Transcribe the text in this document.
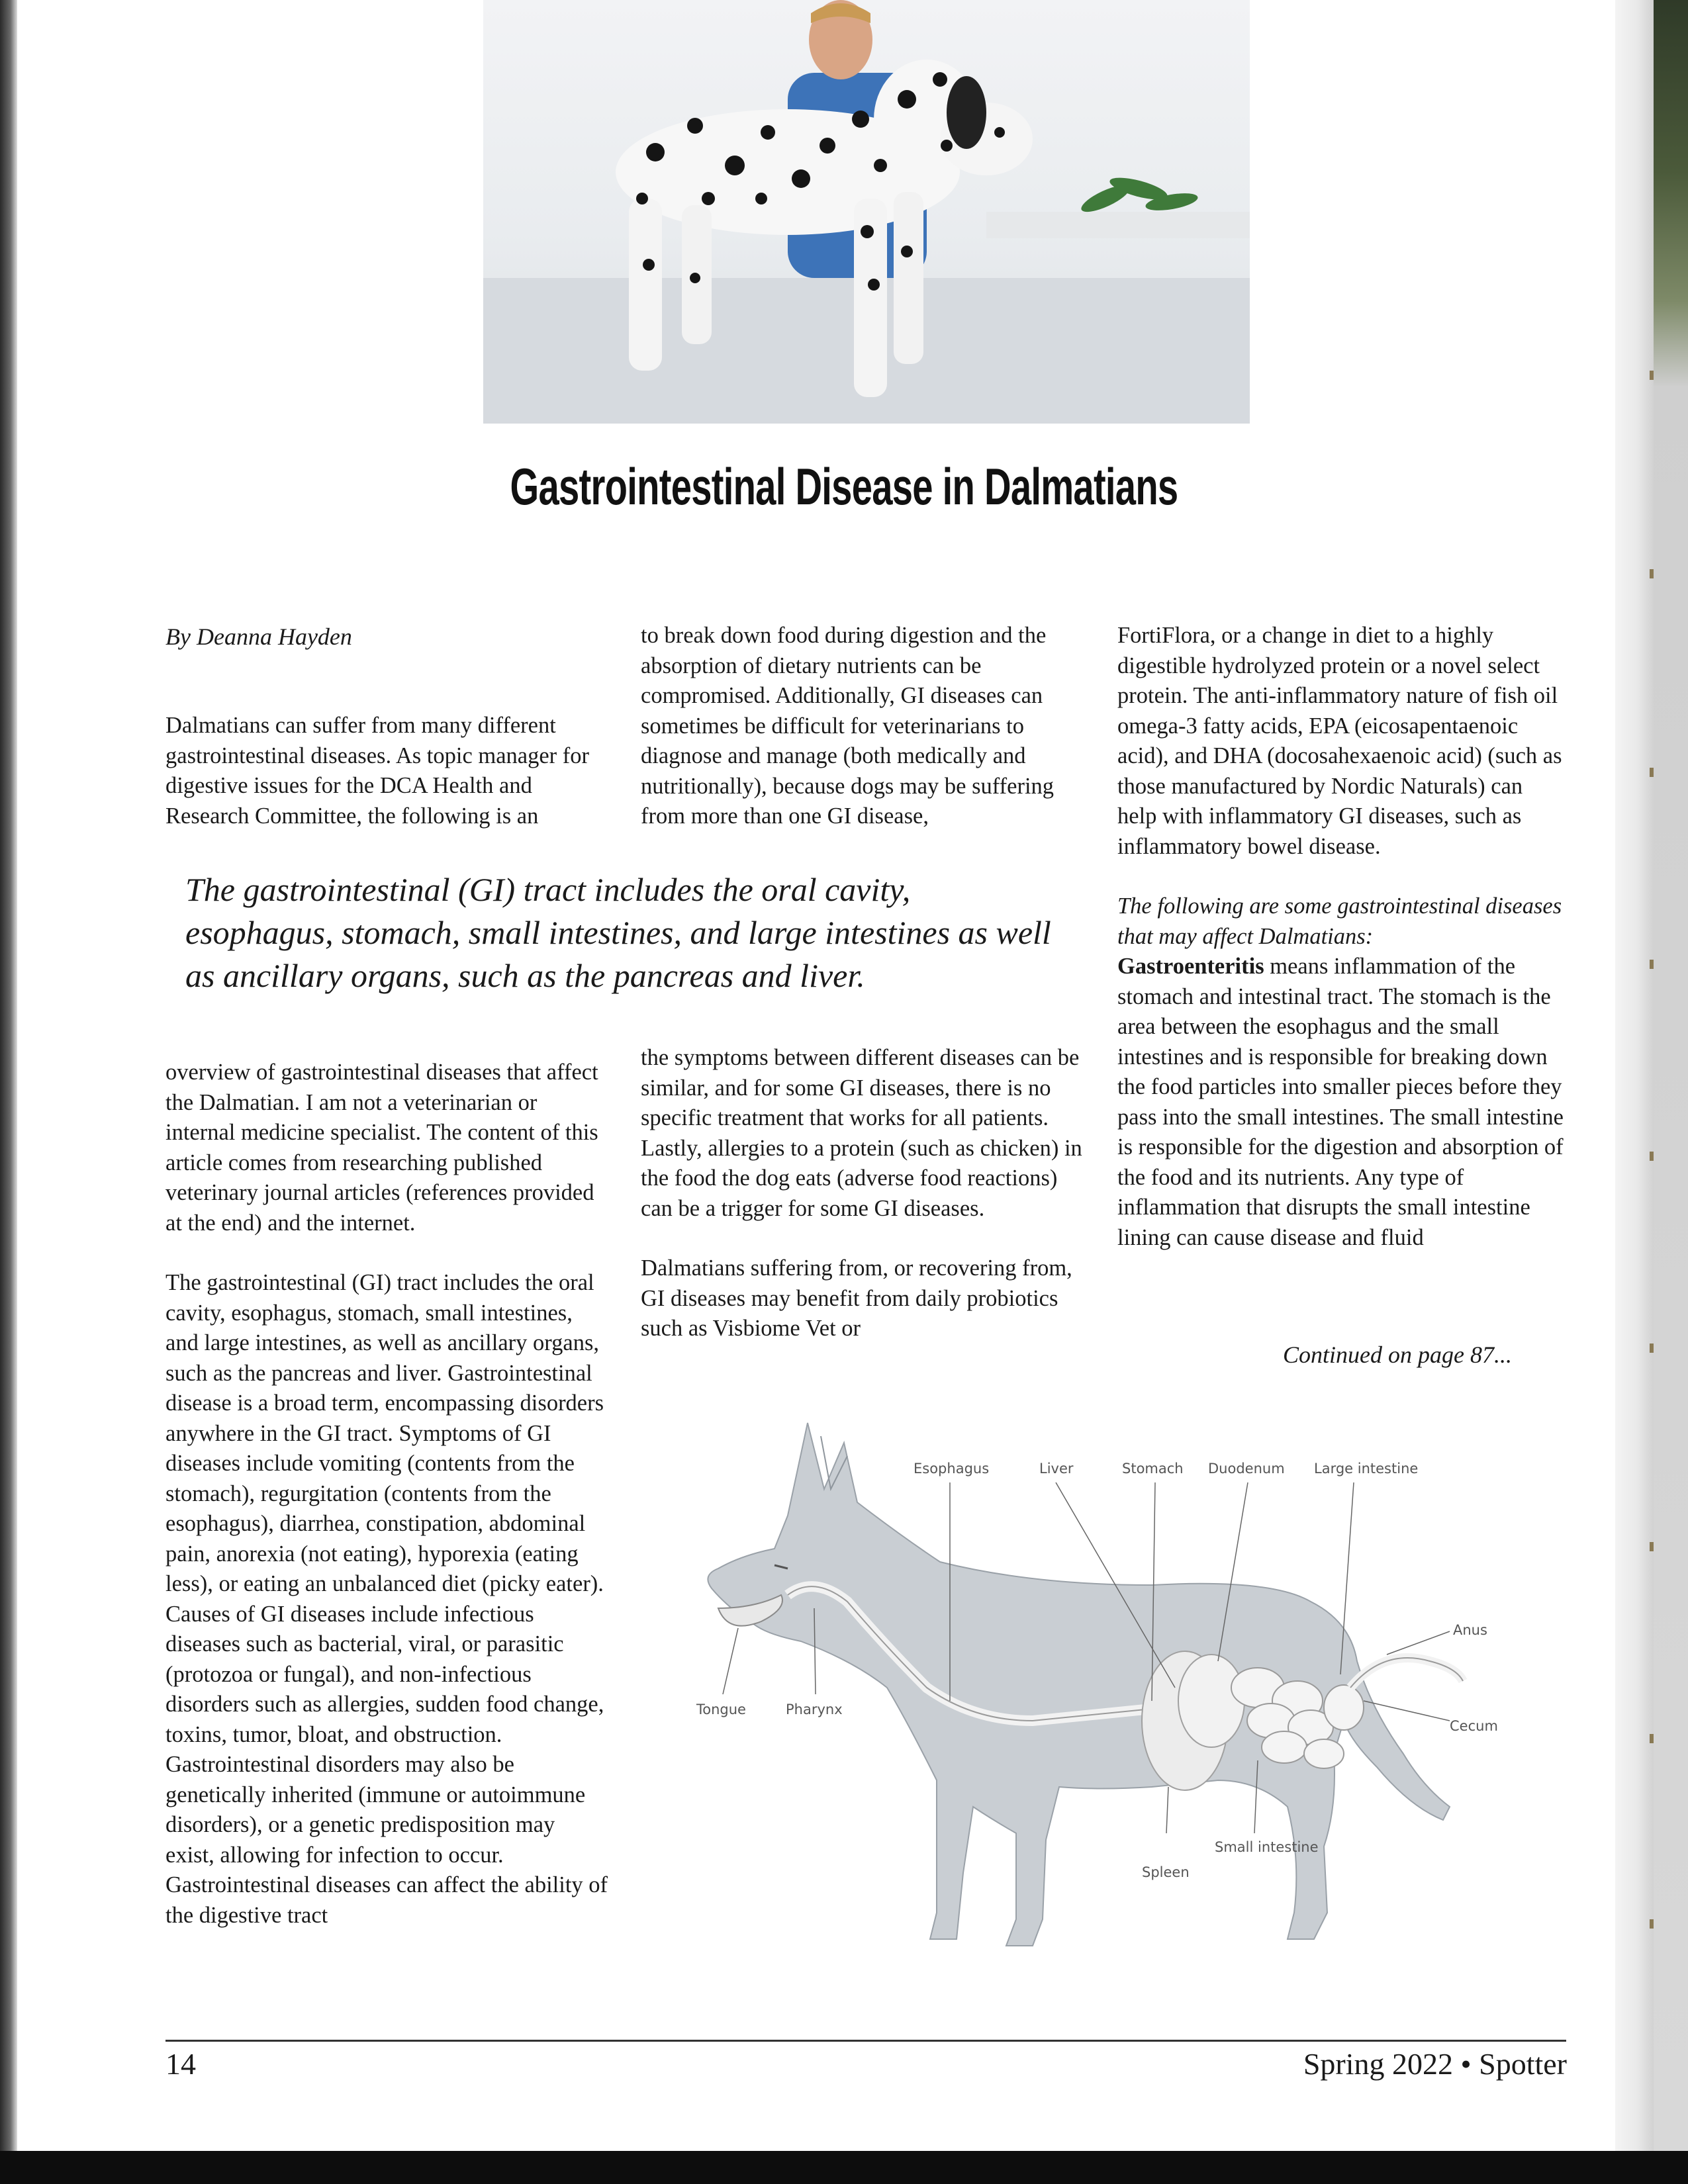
Gastrointestinal Disease in Dalmatians
By Deanna Hayden

Dalmatians can suffer from many different gastrointestinal diseases. As topic manager for digestive issues for the DCA Health and Research Committee, the following is an

to break down food during digestion and the absorption of dietary nutrients can be compromised. Additionally, GI diseases can sometimes be difficult for veterinarians to diagnose and manage (both medically and nutritionally), because dogs may be suffering from more than one GI disease,

FortiFlora, or a change in diet to a highly digestible hydrolyzed protein or a novel select protein. The anti-inflammatory nature of fish oil omega-3 fatty acids, EPA (eicosapentaenoic acid), and DHA (docosahexaenoic acid) (such as those manufactured by Nordic Naturals) can help with inflammatory GI diseases, such as inflammatory bowel disease.

The following are some gastrointestinal diseases that may affect Dalmatians:

Gastroenteritis means inflammation of the stomach and intestinal tract. The stomach is the area between the esophagus and the small intestines and is responsible for breaking down the food particles into smaller pieces before they pass into the small intestines. The small intestine is responsible for the digestion and absorption of the food and its nutrients. Any type of inflammation that disrupts the small intestine lining can cause disease and fluid

Continued on page 87...
The gastrointestinal (GI) tract includes the oral cavity, esophagus, stomach, small intestines, and large intestines as well as ancillary organs, such as the pancreas and liver.

overview of gastrointestinal diseases that affect the Dalmatian. I am not a veterinarian or internal medicine specialist. The content of this article comes from researching published veterinary journal articles (references provided at the end) and the internet.

The gastrointestinal (GI) tract includes the oral cavity, esophagus, stomach, small intestines, and large intestines, as well as ancillary organs, such as the pancreas and liver. Gastrointestinal disease is a broad term, encompassing disorders anywhere in the GI tract. Symptoms of GI diseases include vomiting (contents from the stomach), regurgitation (contents from the esophagus), diarrhea, constipation, abdominal pain, anorexia (not eating), hyporexia (eating less), or eating an unbalanced diet (picky eater). Causes of GI diseases include infectious diseases such as bacterial, viral, or parasitic (protozoa or fungal), and non-infectious disorders such as allergies, sudden food change, toxins, tumor, bloat, and obstruction. Gastrointestinal disorders may also be genetically inherited (immune or autoimmune disorders), or a genetic predisposition may exist, allowing for infection to occur. Gastrointestinal diseases can affect the ability of the digestive tract

the symptoms between different diseases can be similar, and for some GI diseases, there is no specific treatment that works for all patients. Lastly, allergies to a protein (such as chicken) in the food the dog eats (adverse food reactions) can be a trigger for some GI diseases.

Dalmatians suffering from, or recovering from, GI diseases may benefit from daily probiotics such as Visbiome Vet or

Esophagus	Liver	Stomach Duodenum Large intestine
Anus
Cecum
Tongue	Pharynx
Spleen
Small intestine
14	Spring 2022 • Spotter
